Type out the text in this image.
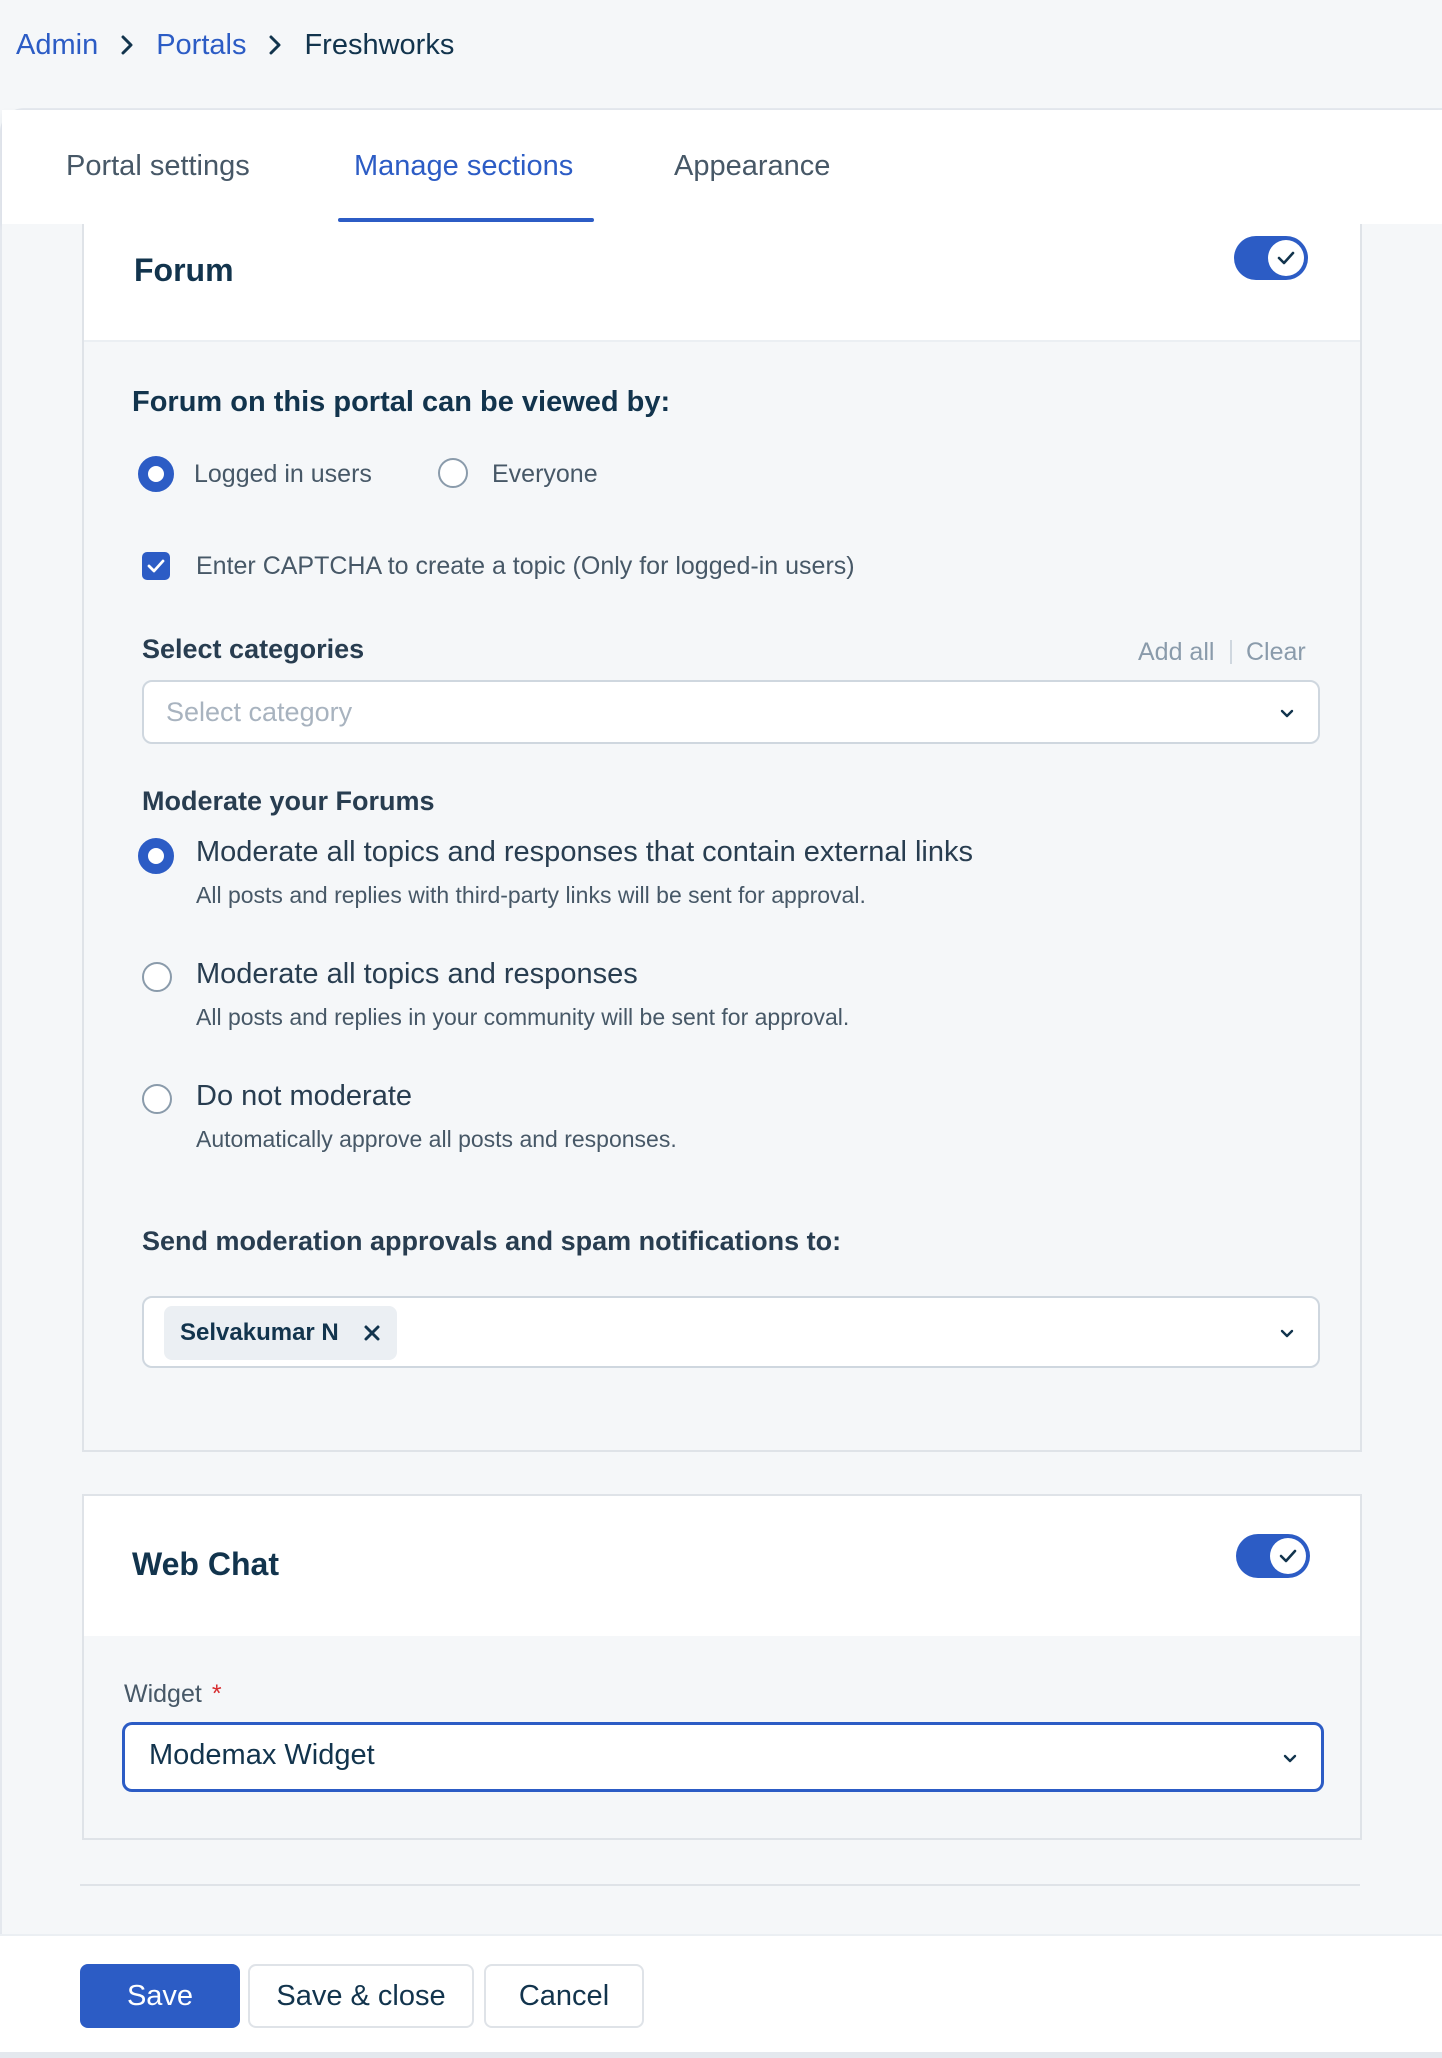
Admin Portals Freshworks
Portal settings	Manage sections	Appearance
Forum
Forum on this portal can be viewed by:
Logged in users	Everyone
Enter CAPTCHA to create a topic (Only for logged-in users)
Select categories	Add all Clear
Select category
Moderate your Forums
Moderate all topics and responses that contain external links
All posts and replies with third-party links will be sent for approval.
Moderate all topics and responses
All posts and replies in your community will be sent for approval.
Do not moderate
Automatically approve all posts and responses.
Send moderation approvals and spam notifications to:
Selvakumar N
Web Chat
Widget *
Modemax Widget
Save	Save & close	Cancel
